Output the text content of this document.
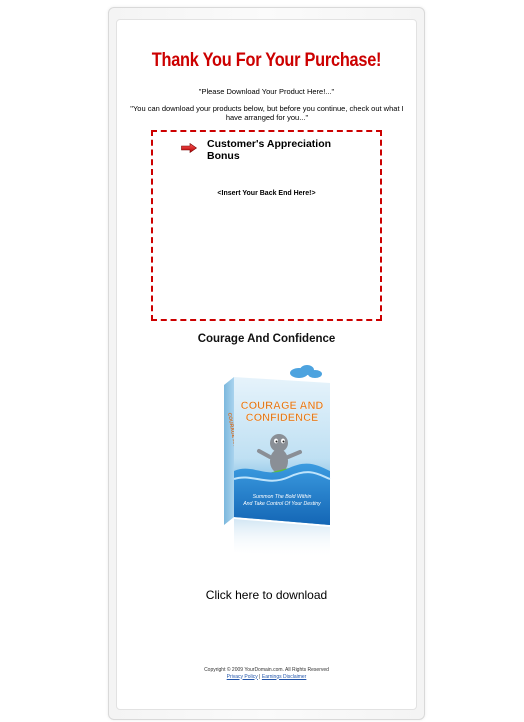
Thank You For Your Purchase!
"Please Download Your Product Here!..."
"You can download your products below, but before you continue, check out what I have arranged for you..."
Customer's Appreciation Bonus
<Insert Your Back End Here!>
Courage And Confidence
COURAGE
COURAGE AND
CONFIDENCE
Summon The Bold Within
And Take Control Of Your Destiny
Click here to download
Copyright © 2009 YourDomain.com. All Rights Reserved
Privacy Policy | Earnings Disclaimer
